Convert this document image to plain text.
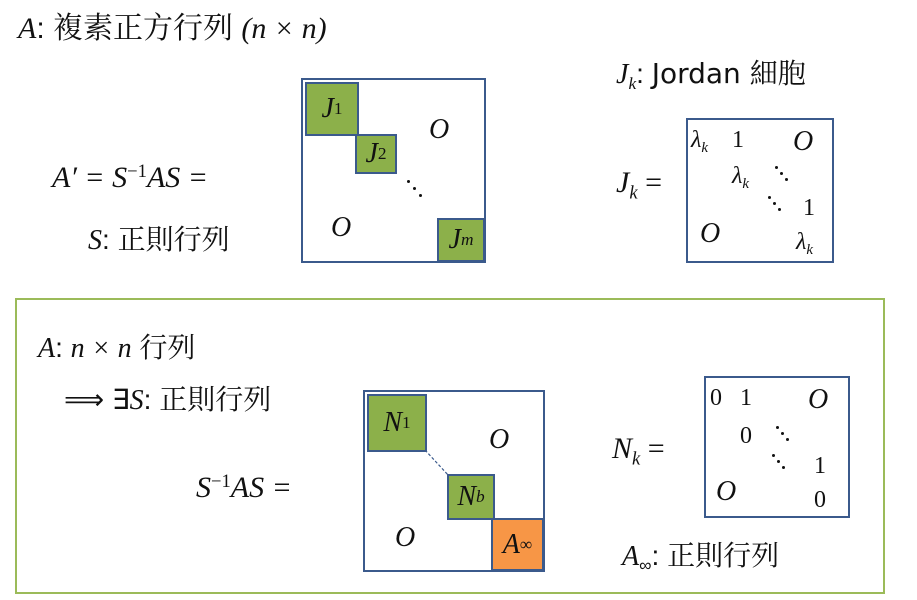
A: 複素正方行列 (n × n)
$A' = S^{-1}AS$ =
S: 正則行列
J 1
J 2
J m
O
O
$J_k$: Jordan 細胞
$J_k$ =
$\lambda_k$ 1 O
$\lambda_k$
1
O	$\lambda_k$
A: n × n 行列
⟹ ∃S: 正則行列
$S^{-1}AS$ =
N 1
N b
A ∞
O
O
$N_k$ =
0 1 O
0
1
O	0
$A_\infty$: 正則行列
